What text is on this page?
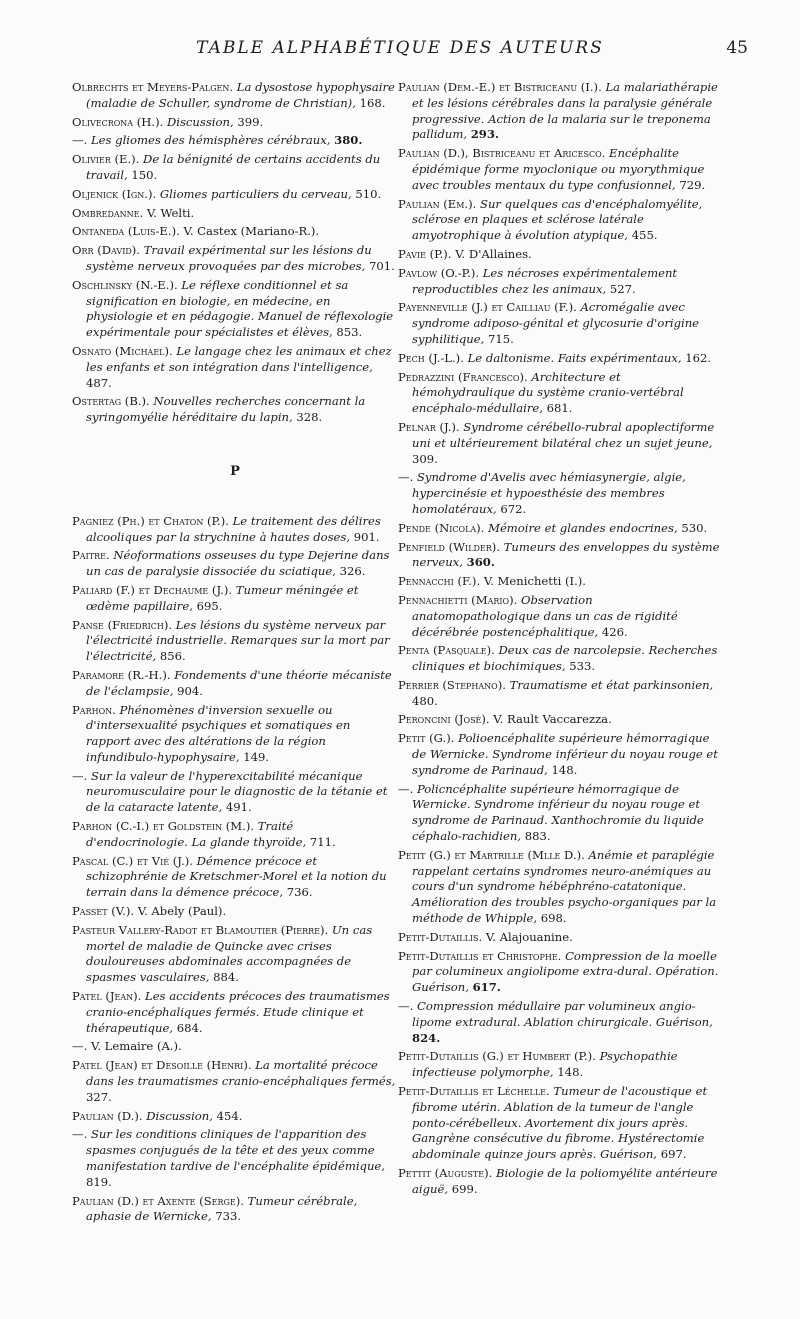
TABLE ALPHABÉTIQUE DES AUTEURS	45
Olbrechts et Meyers-Palgen. La dysostose hypophysaire (maladie de Schuller, syndrome de Christian), 168.
Olivecrona (H.). Discussion, 399.
—. Les gliomes des hémisphères cérébraux, 380.
Olivier (E.). De la bénignité de certains accidents du travail, 150.
Oljenick (Ign.). Gliomes particuliers du cerveau, 510.
Ombredanne. V. Welti.
Ontaneda (Luis-E.). V. Castex (Mariano-R.).
Orr (David). Travail expérimental sur les lésions du système nerveux provoquées par des microbes, 701.
Oschlinsky (N.-E.). Le réflexe conditionnel et sa signification en biologie, en médecine, en physiologie et en pédagogie. Manuel de réflexologie expérimentale pour spécialistes et élèves, 853.
Osnato (Michael). Le langage chez les animaux et chez les enfants et son intégration dans l'intelligence, 487.
Ostertag (B.). Nouvelles recherches concernant la syringomyélie héréditaire du lapin, 328.
P
Pagniez (Ph.) et Chaton (P.). Le traitement des délires alcooliques par la strychnine à hautes doses, 901.
Paitre. Néoformations osseuses du type Dejerine dans un cas de paralysie dissociée du sciatique, 326.
Paliard (F.) et Dechaume (J.). Tumeur méningée et œdème papillaire, 695.
Panse (Friedrich). Les lésions du système nerveux par l'électricité industrielle. Remarques sur la mort par l'électricité, 856.
Paramore (R.-H.). Fondements d'une théorie mécaniste de l'éclampsie, 904.
Parhon. Phénomènes d'inversion sexuelle ou d'intersexualité psychiques et somatiques en rapport avec des altérations de la région infundibulo-hypophysaire, 149.
—. Sur la valeur de l'hyperexcitabilité mécanique neuromusculaire pour le diagnostic de la tétanie et de la cataracte latente, 491.
Parhon (C.-I.) et Goldstein (M.). Traité d'endocrinologie. La glande thyroïde, 711.
Pascal (C.) et Vié (J.). Démence précoce et schizophrénie de Kretschmer-Morel et la notion du terrain dans la démence précoce, 736.
Passet (V.). V. Abely (Paul).
Pasteur Vallery-Radot et Blamoutier (Pierre). Un cas mortel de maladie de Quincke avec crises douloureuses abdominales accompagnées de spasmes vasculaires, 884.
Patel (Jean). Les accidents précoces des traumatismes cranio-encéphaliques fermés. Etude clinique et thérapeutique, 684.
—. V. Lemaire (A.).
Patel (Jean) et Desoille (Henri). La mortalité précoce dans les traumatismes cranio-encéphaliques fermés, 327.
Paulian (D.). Discussion, 454.
—. Sur les conditions cliniques de l'apparition des spasmes conjugués de la tête et des yeux comme manifestation tardive de l'encéphalite épidémique, 819.
Paulian (D.) et Axente (Serge). Tumeur cérébrale, aphasie de Wernicke, 733.
Paulian (Dem.-E.) et Bistriceanu (I.). La malariathérapie et les lésions cérébrales dans la paralysie générale progressive. Action de la malaria sur le treponema pallidum, 293.
Paulian (D.), Bistriceanu et Aricesco. Encéphalite épidémique forme myoclonique ou myorythmique avec troubles mentaux du type confusionnel, 729.
Paulian (Em.). Sur quelques cas d'encéphalomyélite, sclérose en plaques et sclérose latérale amyotrophique à évolution atypique, 455.
Pavie (P.). V. D'Allaines.
Pavlow (O.-P.). Les nécroses expérimentalement reproductibles chez les animaux, 527.
Payenneville (J.) et Cailliau (F.). Acromégalie avec syndrome adiposo-génital et glycosurie d'origine syphilitique, 715.
Pech (J.-L.). Le daltonisme. Faits expérimentaux, 162.
Pedrazzini (Francesco). Architecture et hémohydraulique du système cranio-vertébral encéphalo-médullaire, 681.
Pelnar (J.). Syndrome cérébello-rubral apoplectiforme uni et ultérieurement bilatéral chez un sujet jeune, 309.
—. Syndrome d'Avelis avec hémiasynergie, algie, hypercinésie et hypoesthésie des membres homolatéraux, 672.
Pende (Nicola). Mémoire et glandes endocrines, 530.
Penfield (Wilder). Tumeurs des enveloppes du système nerveux, 360.
Pennacchi (F.). V. Menichetti (I.).
Pennachietti (Mario). Observation anatomopathologique dans un cas de rigidité décérébrée postencéphalitique, 426.
Penta (Pasquale). Deux cas de narcolepsie. Recherches cliniques et biochimiques, 533.
Perrier (Stephano). Traumatisme et état parkinsonien, 480.
Peroncini (José). V. Rault Vaccarezza.
Petit (G.). Polioencéphalite supérieure hémorragique de Wernicke. Syndrome inférieur du noyau rouge et syndrome de Parinaud, 148.
—. Policncéphalite supérieure hémorragique de Wernicke. Syndrome inférieur du noyau rouge et syndrome de Parinaud. Xanthochromie du liquide céphalo-rachidien, 883.
Petit (G.) et Martrille (Mlle D.). Anémie et paraplégie rappelant certains syndromes neuro-anémiques au cours d'un syndrome hébéphréno-catatonique. Amélioration des troubles psycho-organiques par la méthode de Whipple, 698.
Petit-Dutaillis. V. Alajouanine.
Petit-Dutaillis et Christophe. Compression de la moelle par columineux angiolipome extra-dural. Opération. Guérison, 617.
—. Compression médullaire par volumineux angio-lipome extradural. Ablation chirurgicale. Guérison, 824.
Petit-Dutaillis (G.) et Humbert (P.). Psychopathie infectieuse polymorphe, 148.
Petit-Dutaillis et Léchelle. Tumeur de l'acoustique et fibrome utérin. Ablation de la tumeur de l'angle ponto-cérébelleux. Avortement dix jours après. Gangrène consécutive du fibrome. Hystérectomie abdominale quinze jours après. Guérison, 697.
Pettit (Auguste). Biologie de la poliomyélite antérieure aiguë, 699.
